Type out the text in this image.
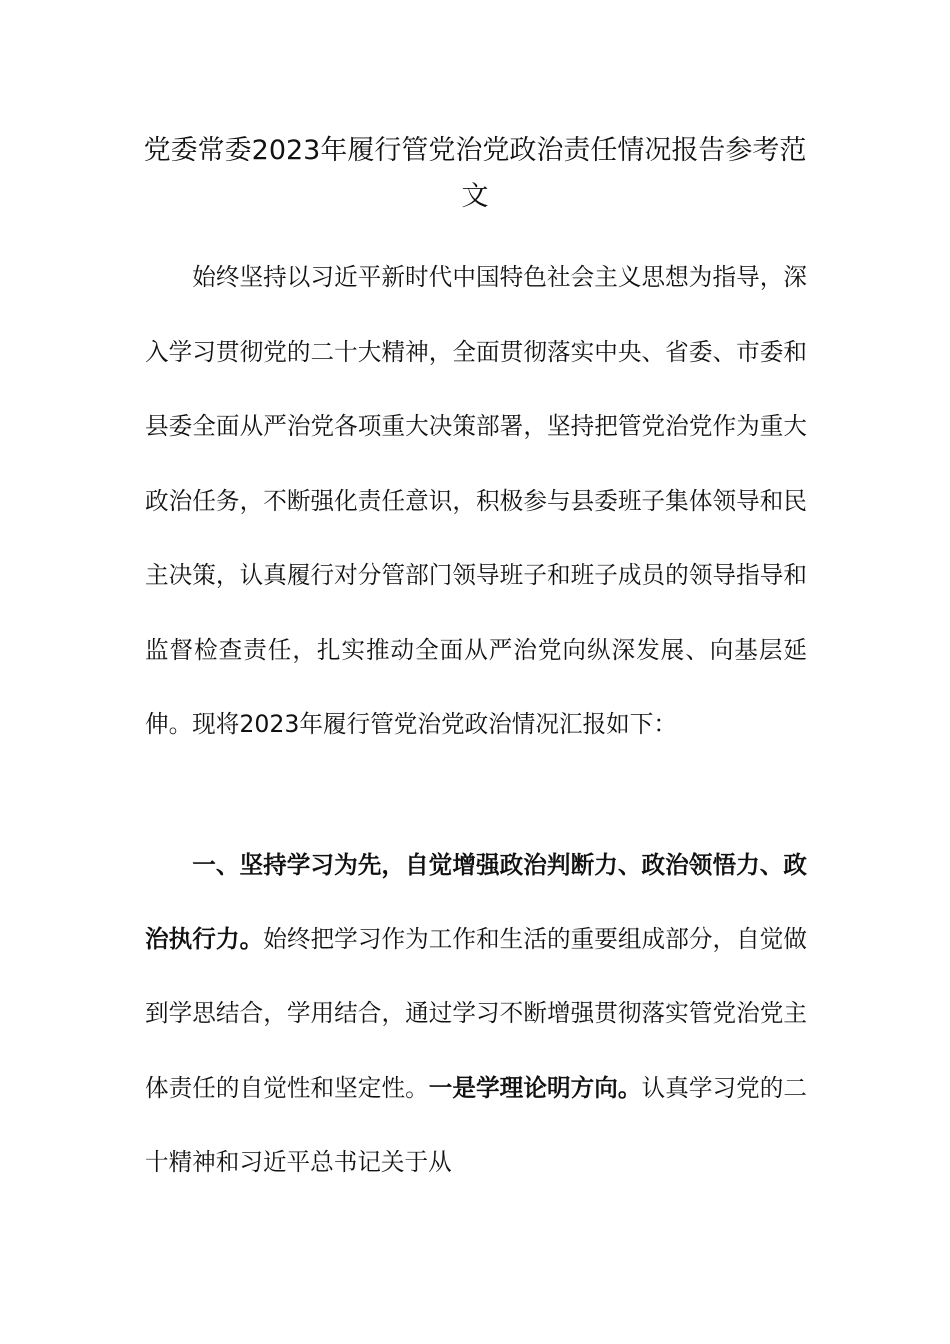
党委常委2023年履行管党治党政治责任情况报告参考范文

始终坚持以习近平新时代中国特色社会主义思想为指导，深入学习贯彻党的二十大精神，全面贯彻落实中央、省委、市委和县委全面从严治党各项重大决策部署，坚持把管党治党作为重大政治任务，不断强化责任意识，积极参与县委班子集体领导和民主决策，认真履行对分管部门领导班子和班子成员的领导指导和监督检查责任，扎实推动全面从严治党向纵深发展、向基层延伸。现将2023年履行管党治党政治情况汇报如下：

一、坚持学习为先，自觉增强政治判断力、政治领悟力、政治执行力。始终把学习作为工作和生活的重要组成部分，自觉做到学思结合，学用结合，通过学习不断增强贯彻落实管党治党主体责任的自觉性和坚定性。一是学理论明方向。认真学习党的二十精神和习近平总书记关于从
